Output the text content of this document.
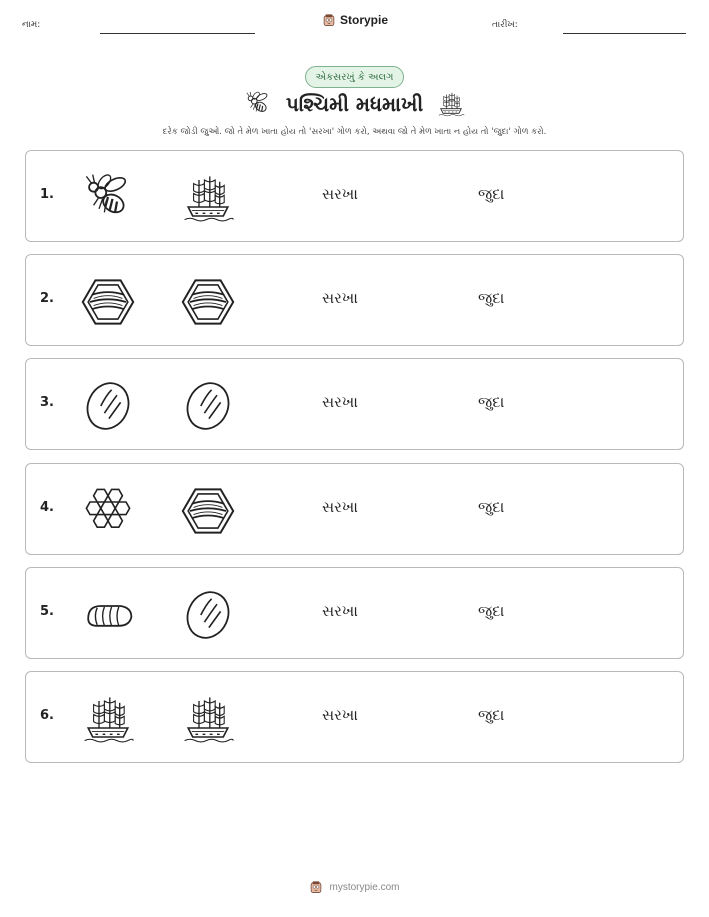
નામ:	Storypie	તારીખ:
એકસરખું કે અલગ
પશ્ચિમી મધમાખી
દરેક જોડી જુઓ. જો તે મેળ ખાતા હોય તો 'સરખા' ગોળ કરો, અથવા જો તે મેળ ખાતા ન હોય તો 'જુદા' ગોળ કરો.
1.	સરખા	જુદા
2.	સરખા	જુદા
3.	સરખા	જુદા
4.	સરખા	જુદા
5.	સરખા	જુદા
6.	સરખા	જુદા
mystorypie.com
